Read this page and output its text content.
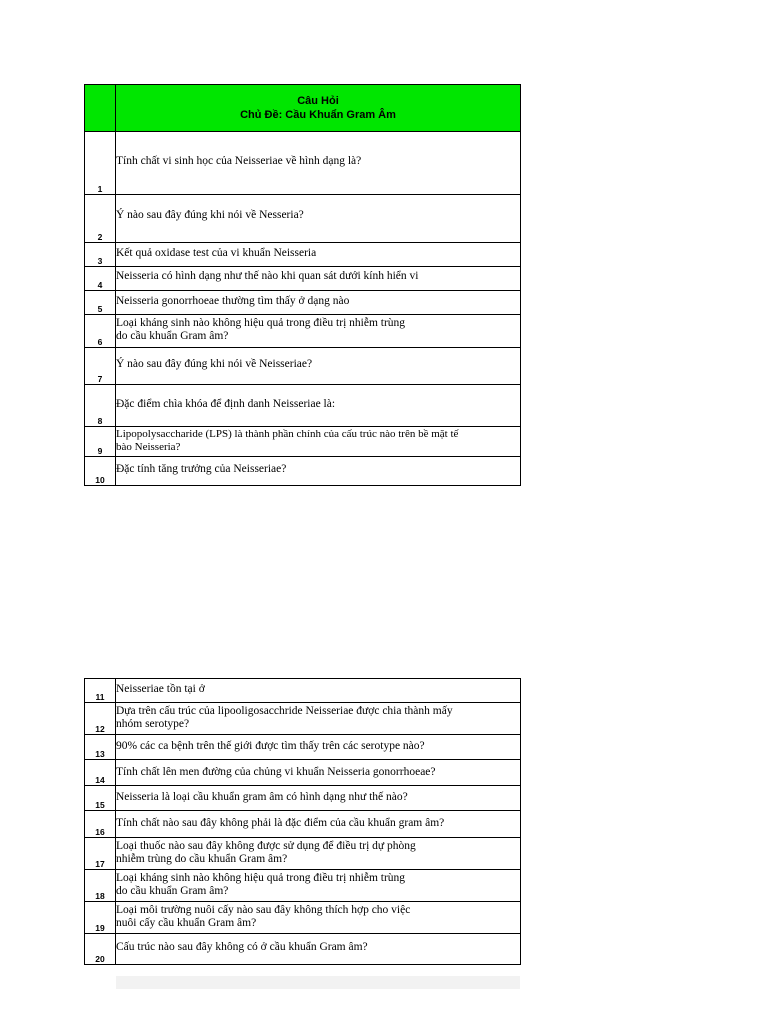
	Câu Hỏi
Chủ Đề: Cầu Khuẩn Gram Âm

1	Tính chất vi sinh học của Neisseriae về hình dạng là?
2	Ý nào sau đây đúng khi nói về Nesseria?
3	Kết quả oxidase test của vi khuẩn Neisseria
4	Neisseria có hình dạng như thế nào khi quan sát dưới kính hiển vi
5	Neisseria gonorrhoeae thường tìm thấy ở dạng nào
6	Loại kháng sinh nào không hiệu quả trong điều trị nhiễm trùng
do cầu khuẩn Gram âm?
7	Ý nào sau đây đúng khi nói về Neisseriae?
8	Đặc điểm chìa khóa để định danh Neisseriae là:
9	Lipopolysaccharide (LPS) là thành phần chính của cấu trúc nào trên bề mặt tế
bào Neisseria?
10	Đặc tính tăng trưởng của Neisseriae?
11	Neisseriae tồn tại ở
12	Dựa trên cấu trúc của lipooligosacchride Neisseriae được chia thành mấy
nhóm serotype?
13	90% các ca bệnh trên thế giới được tìm thấy trên các serotype nào?
14	Tính chất lên men đường của chủng vi khuẩn Neisseria gonorrhoeae?
15	Neisseria là loại cầu khuẩn gram âm có hình dạng như thế nào?
16	Tính chất nào sau đây không phải là đặc điểm của cầu khuẩn gram âm?
17	Loại thuốc nào sau đây không được sử dụng để điều trị dự phòng
nhiễm trùng do cầu khuẩn Gram âm?
18	Loại kháng sinh nào không hiệu quả trong điều trị nhiễm trùng
do cầu khuẩn Gram âm?
19	Loại môi trường nuôi cấy nào sau đây không thích hợp cho việc
nuôi cấy cầu khuẩn Gram âm?
20	Cấu trúc nào sau đây không có ở cầu khuẩn Gram âm?
